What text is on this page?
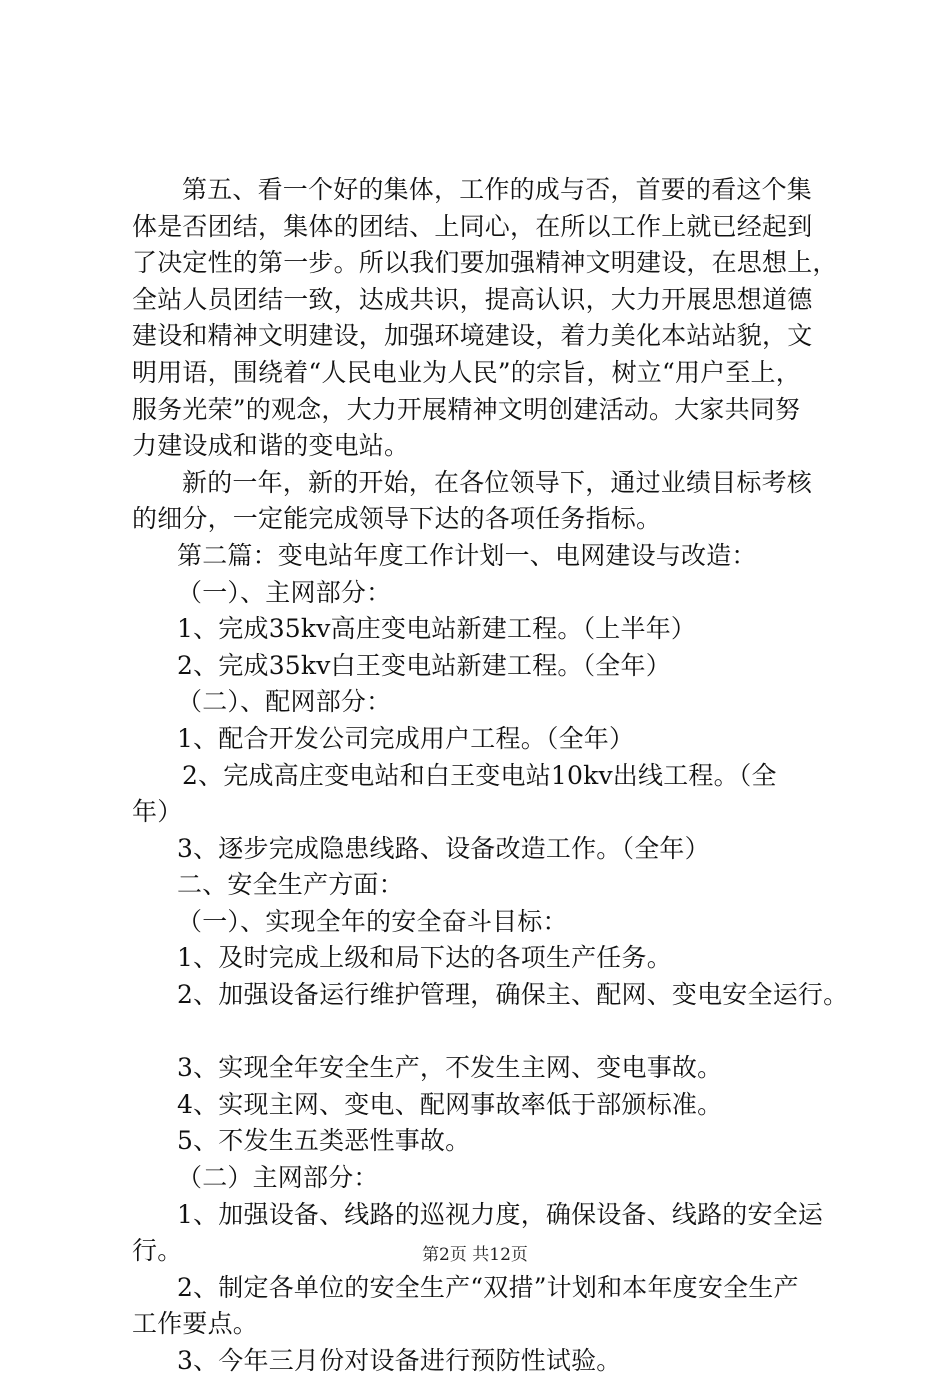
第五、看一个好的集体，工作的成与否，首要的看这个集
体是否团结，集体的团结、上同心，在所以工作上就已经起到
了决定性的第一步。所以我们要加强精神文明建设，在思想上，
全站人员团结一致，达成共识，提高认识，大力开展思想道德
建设和精神文明建设，加强环境建设，着力美化本站站貌，文
明用语，围绕着“人民电业为人民”的宗旨，树立“用户至上，
服务光荣”的观念，大力开展精神文明创建活动。大家共同努
力建设成和谐的变电站。
新的一年，新的开始，在各位领导下，通过业绩目标考核
的细分，一定能完成领导下达的各项任务指标。
第二篇：变电站年度工作计划一、电网建设与改造：
（一）、主网部分：
1、完成35kv高庄变电站新建工程。（上半年）
2、完成35kv白王变电站新建工程。（全年）
（二）、配网部分：
1、配合开发公司完成用户工程。（全年）
2、完成高庄变电站和白王变电站10kv出线工程。（全
年）
3、逐步完成隐患线路、设备改造工作。（全年）
二、安全生产方面：
（一）、实现全年的安全奋斗目标：
1、及时完成上级和局下达的各项生产任务。
2、加强设备运行维护管理，确保主、配网、变电安全运行。
3、实现全年安全生产，不发生主网、变电事故。
4、实现主网、变电、配网事故率低于部颁标准。
5、不发生五类恶性事故。
（二）主网部分：
1、加强设备、线路的巡视力度，确保设备、线路的安全运
行。
2、制定各单位的安全生产“双措”计划和本年度安全生产
工作要点。
3、今年三月份对设备进行预防性试验。
第2页 共12页
